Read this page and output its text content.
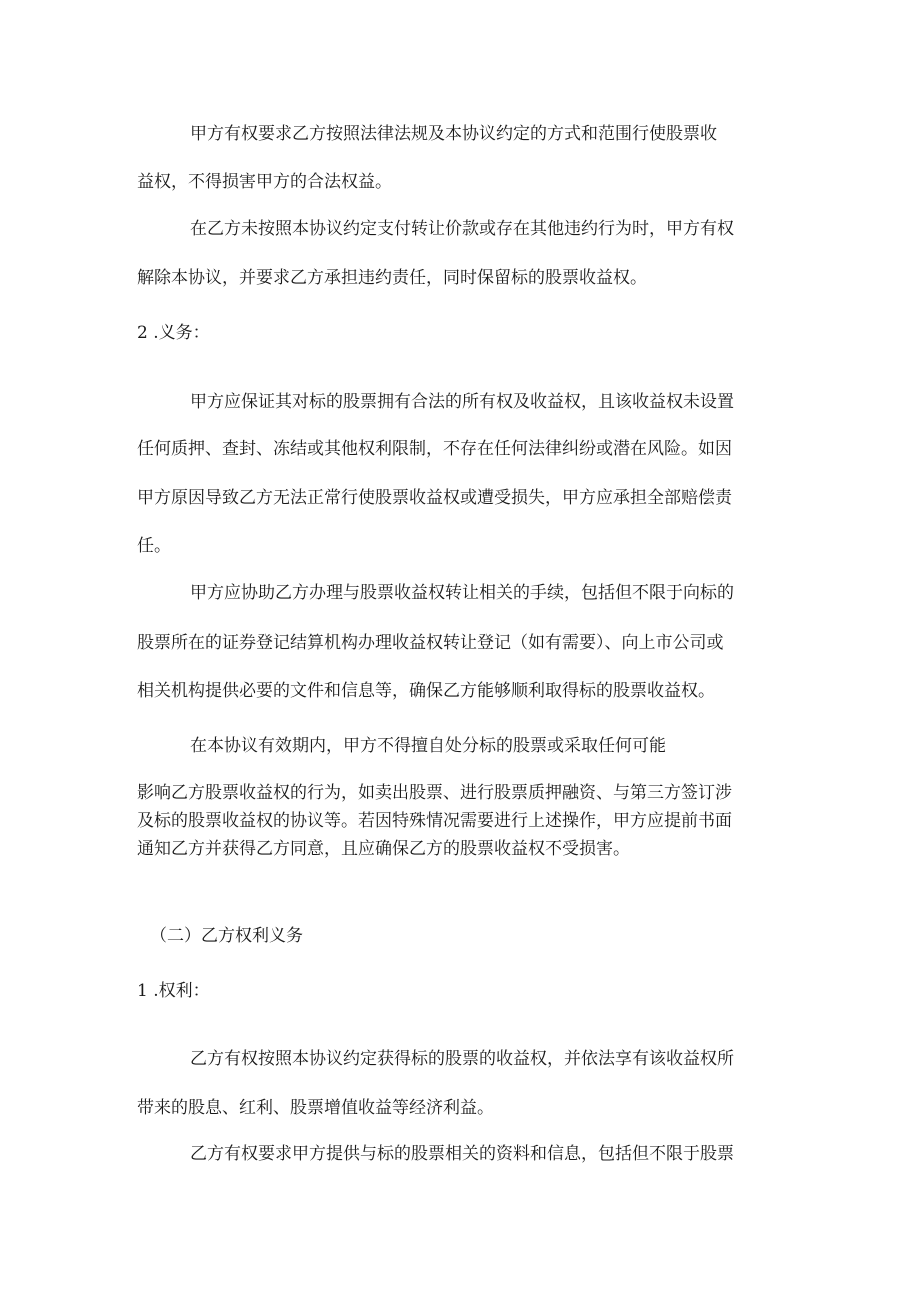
甲方有权要求乙方按照法律法规及本协议约定的方式和范围行使股票收
益权，不得损害甲方的合法权益。
在乙方未按照本协议约定支付转让价款或存在其他违约行为时，甲方有权
解除本协议，并要求乙方承担违约责任，同时保留标的股票收益权。
2 .义务：
甲方应保证其对标的股票拥有合法的所有权及收益权，且该收益权未设置
任何质押、查封、冻结或其他权利限制，不存在任何法律纠纷或潜在风险。如因
甲方原因导致乙方无法正常行使股票收益权或遭受损失，甲方应承担全部赔偿责
任。
甲方应协助乙方办理与股票收益权转让相关的手续，包括但不限于向标的
股票所在的证券登记结算机构办理收益权转让登记（如有需要）、向上市公司或
相关机构提供必要的文件和信息等，确保乙方能够顺利取得标的股票收益权。
在本协议有效期内，甲方不得擅自处分标的股票或采取任何可能
影响乙方股票收益权的行为，如卖出股票、进行股票质押融资、与第三方签订涉
及标的股票收益权的协议等。若因特殊情况需要进行上述操作，甲方应提前书面
通知乙方并获得乙方同意，且应确保乙方的股票收益权不受损害。
（二）乙方权利义务
1 .权利：
乙方有权按照本协议约定获得标的股票的收益权，并依法享有该收益权所
带来的股息、红利、股票增值收益等经济利益。
乙方有权要求甲方提供与标的股票相关的资料和信息，包括但不限于股票
